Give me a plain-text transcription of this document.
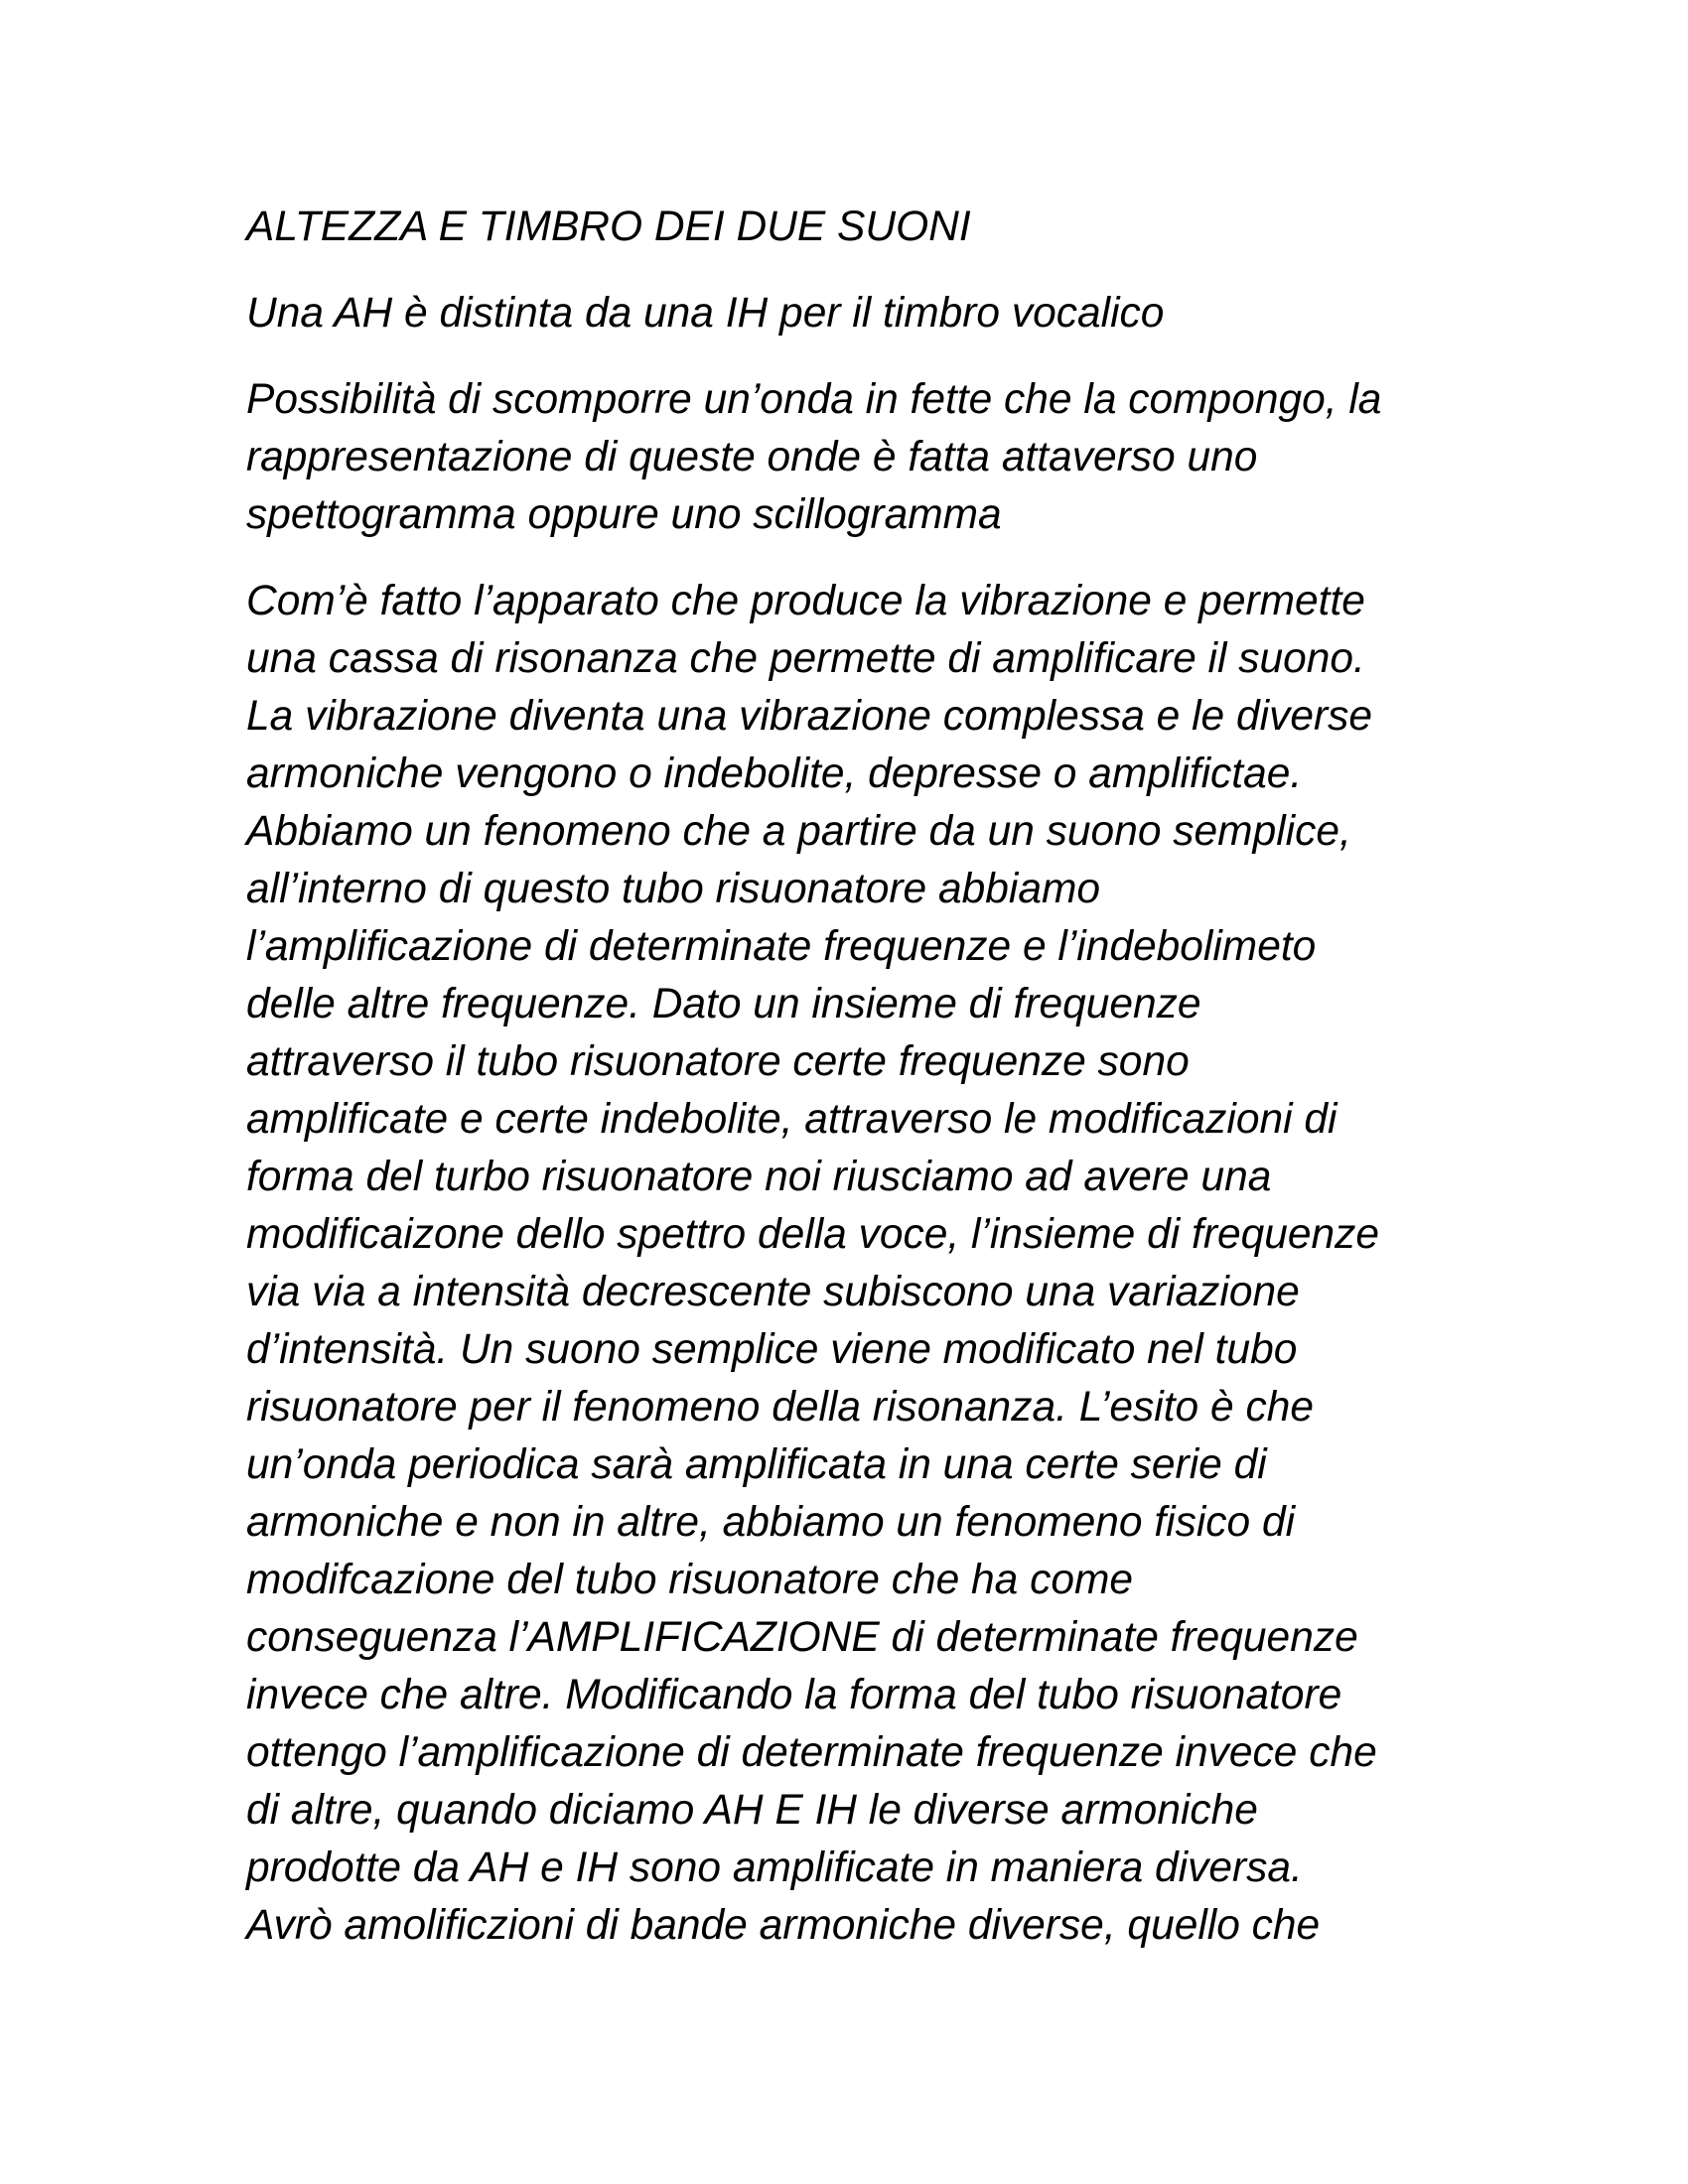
ALTEZZA E TIMBRO DEI DUE SUONI
Una AH è distinta da una IH per il timbro vocalico
Possibilità di scomporre un’onda in fette che la compongo, la
rappresentazione di queste onde è fatta attaverso uno
spettogramma oppure uno scillogramma
Com’è fatto l’apparato che produce la vibrazione e permette
una cassa di risonanza che permette di amplificare il suono.
La vibrazione diventa una vibrazione complessa e le diverse
armoniche vengono o indebolite, depresse o amplifictae.
Abbiamo un fenomeno che a partire da un suono semplice,
all’interno di questo tubo risuonatore abbiamo
l’amplificazione di determinate frequenze e l’indebolimeto
delle altre frequenze. Dato un insieme di frequenze
attraverso il tubo risuonatore certe frequenze sono
amplificate e certe indebolite, attraverso le modificazioni di
forma del turbo risuonatore noi riusciamo ad avere una
modificaizone dello spettro della voce, l’insieme di frequenze
via via a intensità decrescente subiscono una variazione
d’intensità. Un suono semplice viene modificato nel tubo
risuonatore per il fenomeno della risonanza. L’esito è che
un’onda periodica sarà amplificata in una certe serie di
armoniche e non in altre, abbiamo un fenomeno fisico di
modifcazione del tubo risuonatore che ha come
conseguenza l’AMPLIFICAZIONE di determinate frequenze
invece che altre. Modificando la forma del tubo risuonatore
ottengo l’amplificazione di determinate frequenze invece che
di altre, quando diciamo AH E IH le diverse armoniche
prodotte da AH e IH sono amplificate in maniera diversa.
Avrò amolificzioni di bande armoniche diverse, quello che
